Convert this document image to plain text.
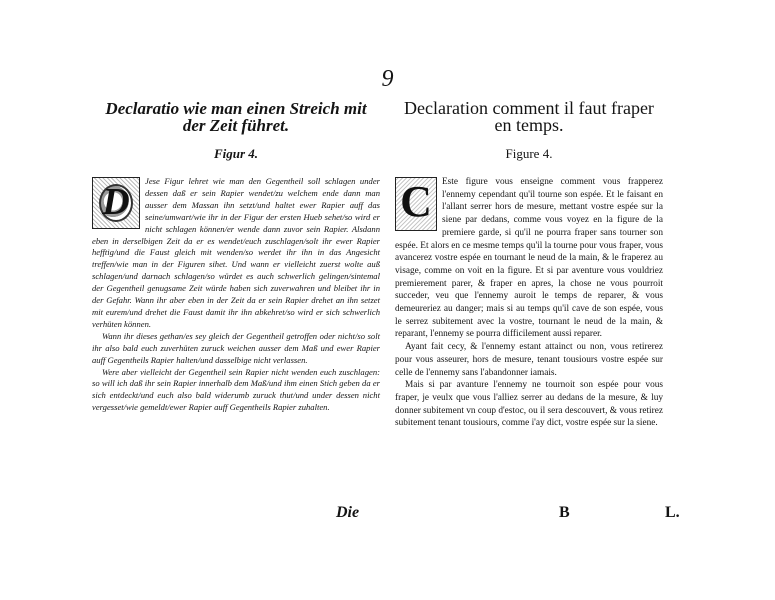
9
Declaratio wie man einen Streich mit der Zeit führet.
Figur 4.
D	Jese Figur lehret wie man den Gegentheil soll schlagen under dessen daß er sein Rapier wendet/zu welchem ende dann man ausser dem Massan ihn setzt/und haltet ewer Rapier auff das seine/umwart/wie ihr in der Figur der ersten Hueb sehet/so wird er nicht schlagen können/er wende dann zuvor sein Rapier. Alsdann eben in derselbigen Zeit da er es wendet/euch zuschlagen/solt ihr ewer Rapier hefftig/und die Faust gleich mit wenden/so werdet ihr ihn in das Angesicht treffen/wie man in der Figuren sihet. Und wann er vielleicht zuerst wolte auß schlagen/und darnach schlagen/so würdet es auch schwerlich gelingen/sintemal der Gegentheil genugsame Zeit würde haben sich zuverwahren und bleibet ihr in der Gefahr. Wann ihr aber eben in der Zeit da er sein Rapier drehet an ihn setzet mit eurem/und drehet die Faust damit ihr ihn abkehret/so wird er sich schwerlich verhüten können.

Wann ihr dieses gethan/es sey gleich der Gegentheil getroffen oder nicht/so solt ihr also bald euch zuverhüten zuruck weichen ausser dem Maß und ewer Rapier auff Gegentheils Rapier halten/und dasselbige nicht verlassen.

Were aber vielleicht der Gegentheil sein Rapier nicht wenden euch zuschlagen: so will ich daß ihr sein Rapier innerhalb dem Maß/und ihm einen Stich geben da er sich entdeckt/und euch also bald widerumb zuruck thut/und under dessen nicht vergesset/wie gemeldt/ewer Rapier auff Gegentheils Rapier zuhalten.

Declaration comment il faut fraper
en temps.
Figure 4.
C	Este figure vous enseigne comment vous frapperez l'ennemy cependant qu'il tourne son espée. Et le faisant en l'allant serrer hors de mesure, mettant vostre espée sur la siene par dedans, comme vous voyez en la figure de la premiere garde, si qu'il ne pourra fraper sans tourner son espée. Et alors en ce mesme temps qu'il la tourne pour vous fraper, vous avancerez vostre espée en tournant le neud de la main, & le fraperez au visage, comme on voit en la figure. Et si par aventure vous vouldriez premierement parer, & fraper en apres, la chose ne vous pourroit succeder, veu que l'ennemy auroit le temps de reparer, & vous demeureriez au danger; mais si au temps qu'il cave de son espée, vous le serrez subitement avec la vostre, tournant le neud de la main, & reparant, l'ennemy se pourra difficilement aussi reparer.

Ayant fait cecy, & l'ennemy estant attainct ou non, vous retirerez pour vous asseurer, hors de mesure, tenant tousiours vostre espée sur celle de l'ennemy sans l'abandonner iamais.

Mais si par avanture l'ennemy ne tournoit son espée pour vous fraper, je veulx que vous l'alliez serrer au dedans de la mesure, & luy donner subitement vn coup d'estoc, ou il sera descouvert, & vous retirez subitement tenant tousiours, comme i'ay dict, vostre espée sur la siene.

Die	B	L.
